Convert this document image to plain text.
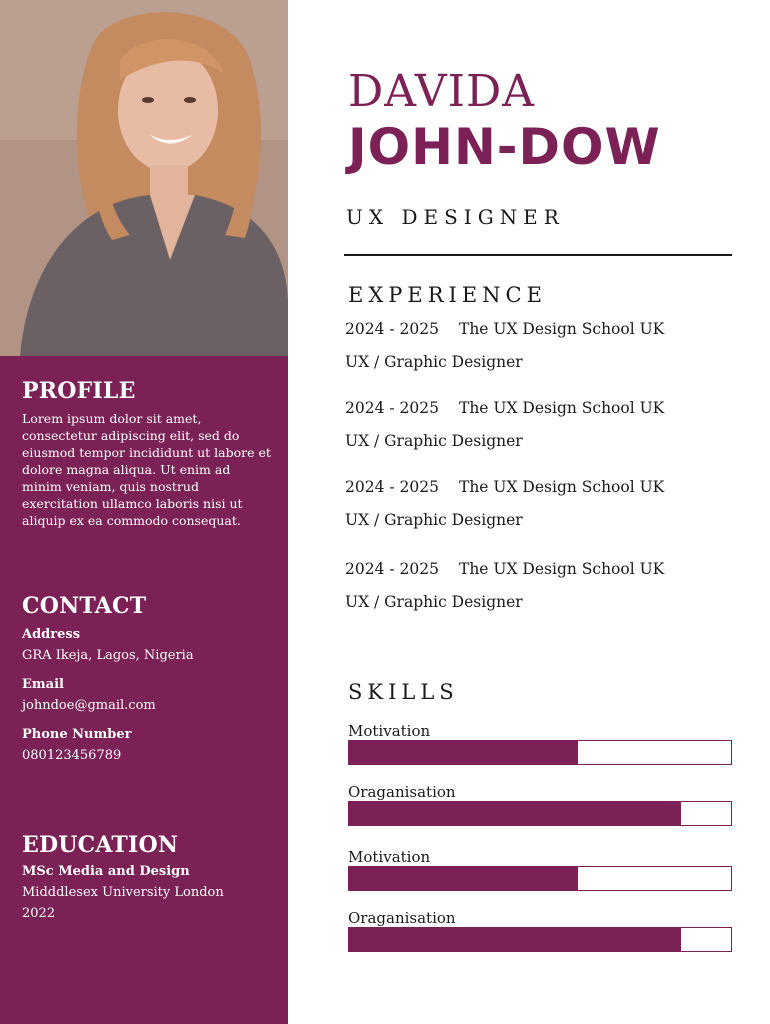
PROFILE
Lorem ipsum dolor sit amet, consectetur adipiscing elit, sed do eiusmod tempor incididunt ut labore et dolore magna aliqua. Ut enim ad minim veniam, quis nostrud exercitation ullamco laboris nisi ut aliquip ex ea commodo consequat.
CONTACT
Address
GRA Ikeja, Lagos, Nigeria
Email
johndoe@gmail.com
Phone Number
080123456789
EDUCATION
MSc Media and Design
Midddlesex University London
2022
DAVIDA
JOHN-DOW
UX DESIGNER
EXPERIENCE
2024 - 2025 The UX Design School UK
UX / Graphic Designer
2024 - 2025 The UX Design School UK
UX / Graphic Designer
2024 - 2025 The UX Design School UK
UX / Graphic Designer
2024 - 2025 The UX Design School UK
UX / Graphic Designer
SKILLS
Motivation
Oraganisation
Motivation
Oraganisation
